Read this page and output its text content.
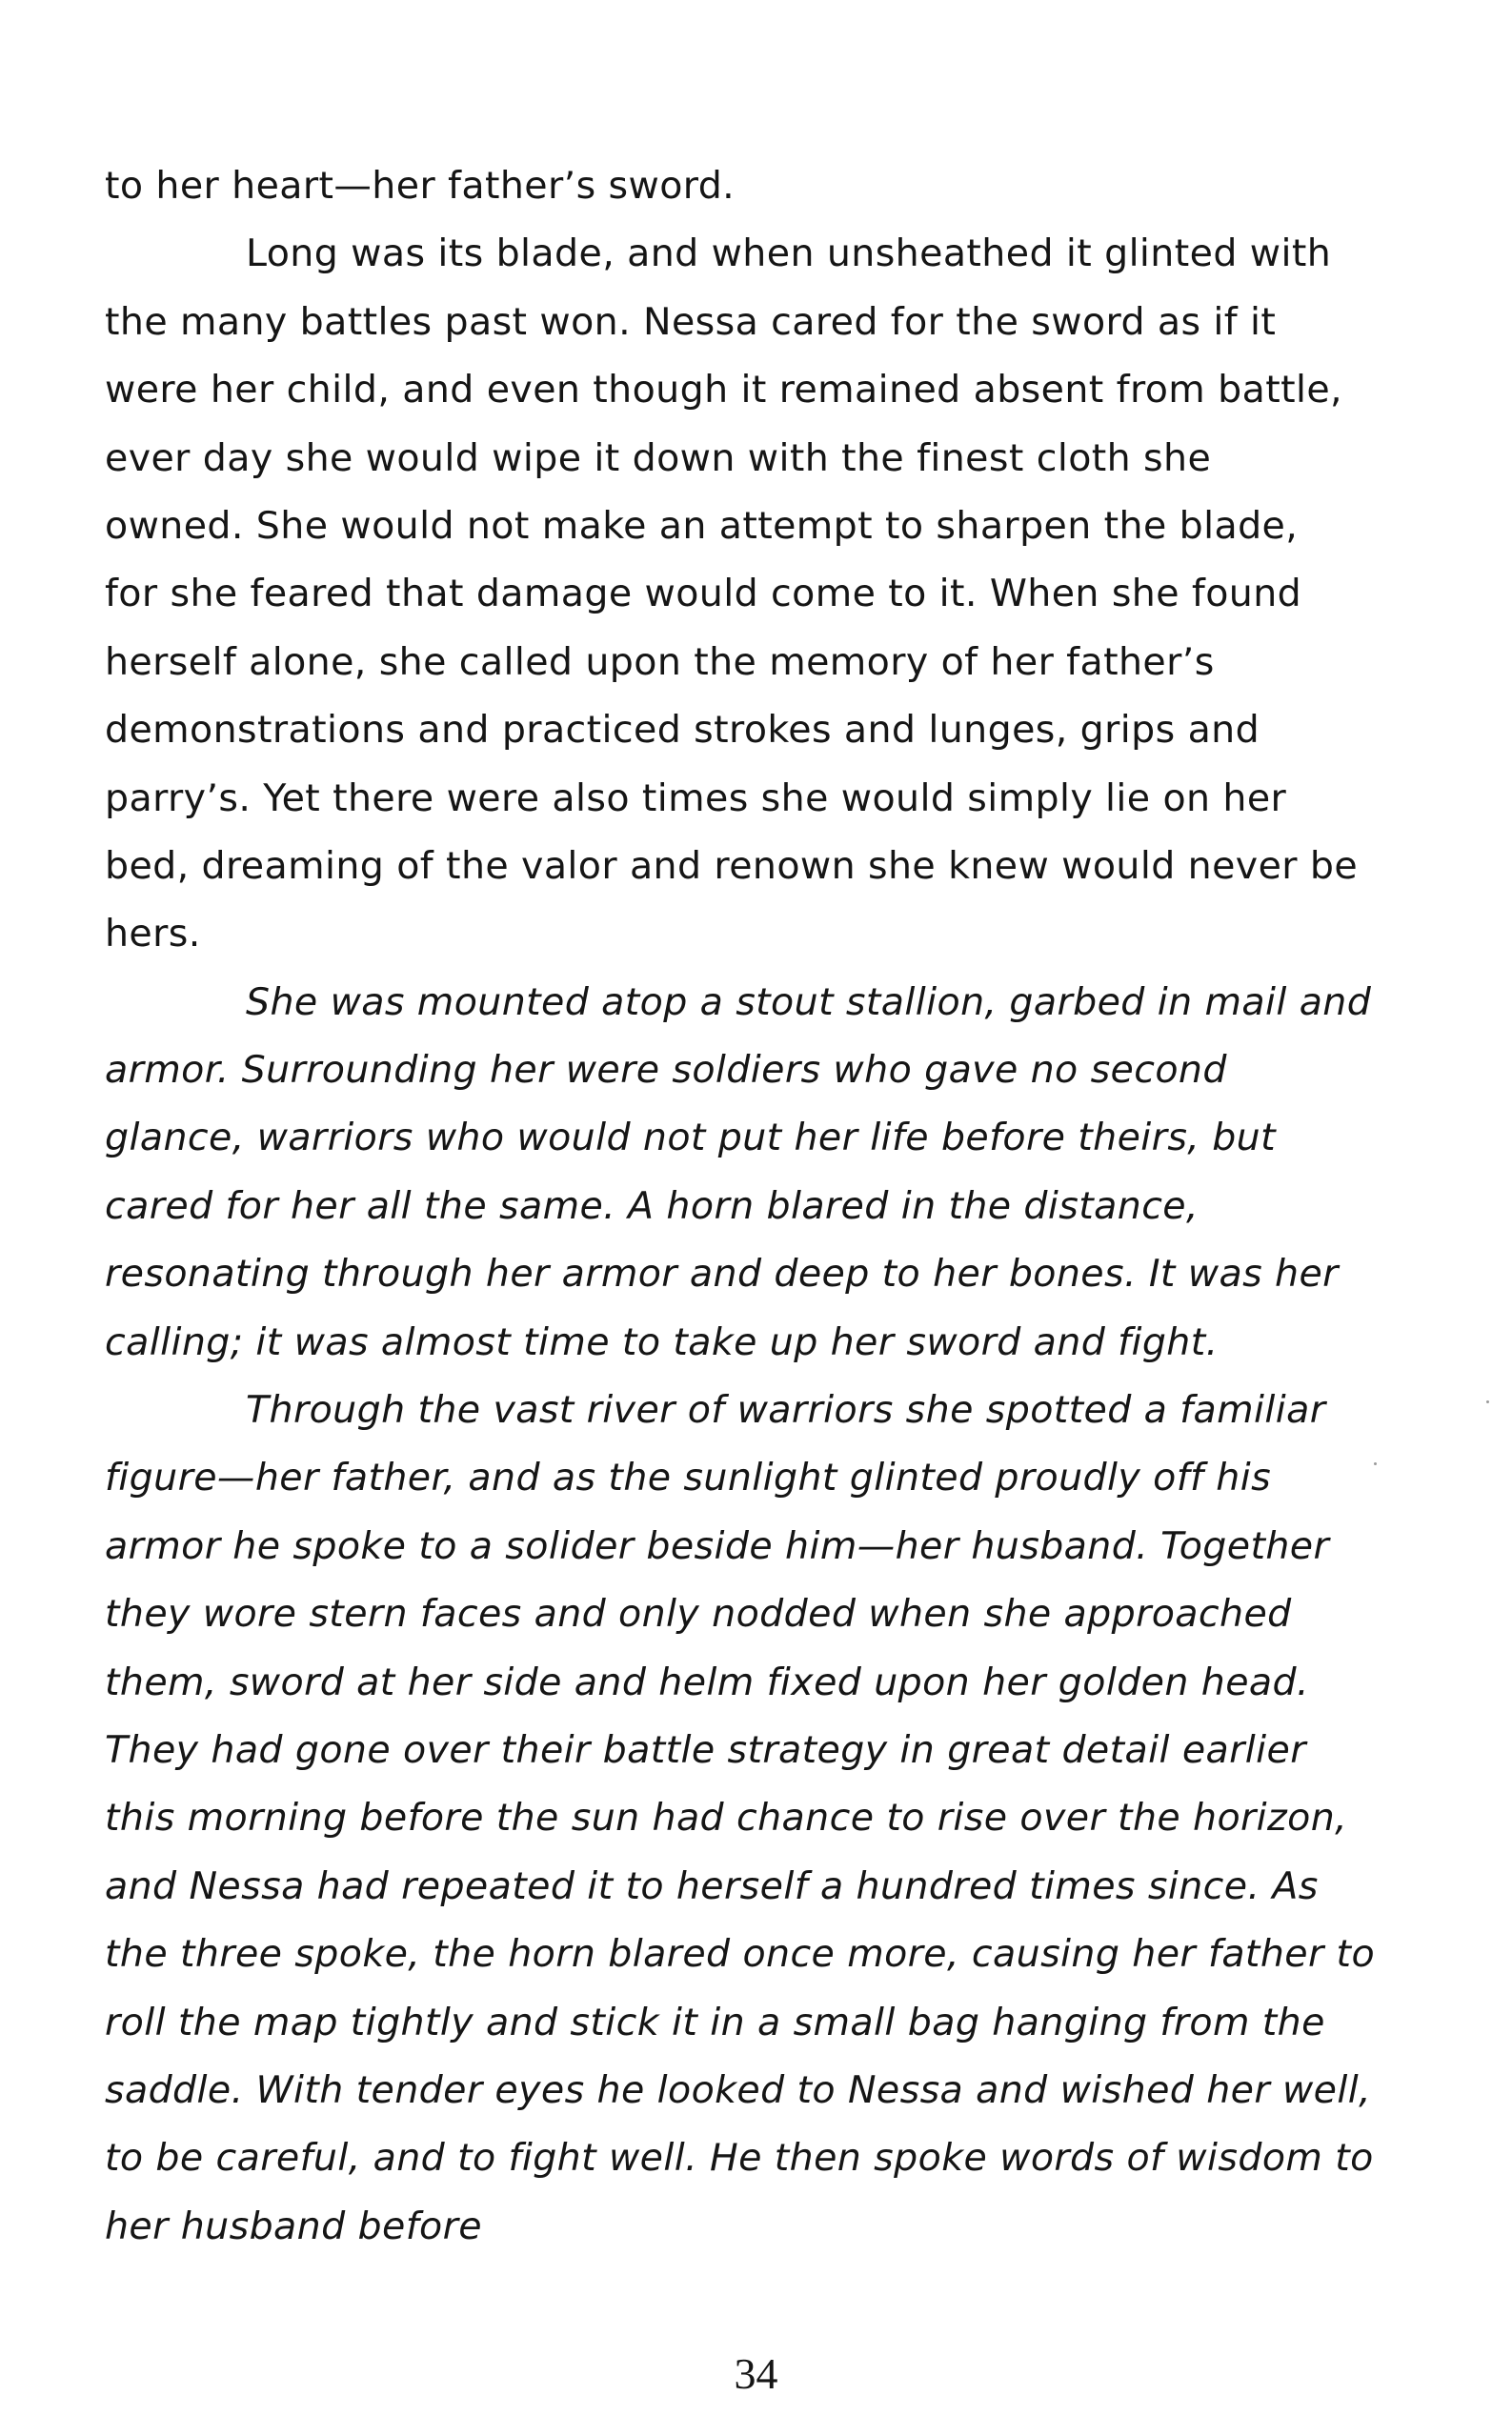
to her heart—her father’s sword.
Long was its blade, and when unsheathed it glinted with
the many battles past won. Nessa cared for the sword as if it
were her child, and even though it remained absent from battle,
ever day she would wipe it down with the finest cloth she
owned. She would not make an attempt to sharpen the blade,
for she feared that damage would come to it. When she found
herself alone, she called upon the memory of her father’s
demonstrations and practiced strokes and lunges, grips and
parry’s. Yet there were also times she would simply lie on her
bed, dreaming of the valor and renown she knew would never be
hers.
She was mounted atop a stout stallion, garbed in mail and
armor. Surrounding her were soldiers who gave no second
glance, warriors who would not put her life before theirs, but
cared for her all the same. A horn blared in the distance,
resonating through her armor and deep to her bones. It was her
calling; it was almost time to take up her sword and fight.
Through the vast river of warriors she spotted a familiar
figure—her father, and as the sunlight glinted proudly off his
armor he spoke to a solider beside him—her husband. Together
they wore stern faces and only nodded when she approached
them, sword at her side and helm fixed upon her golden head.
They had gone over their battle strategy in great detail earlier
this morning before the sun had chance to rise over the horizon,
and Nessa had repeated it to herself a hundred times since. As
the three spoke, the horn blared once more, causing her father to
roll the map tightly and stick it in a small bag hanging from the
saddle. With tender eyes he looked to Nessa and wished her well,
to be careful, and to fight well. He then spoke words of wisdom to
her husband before
34
